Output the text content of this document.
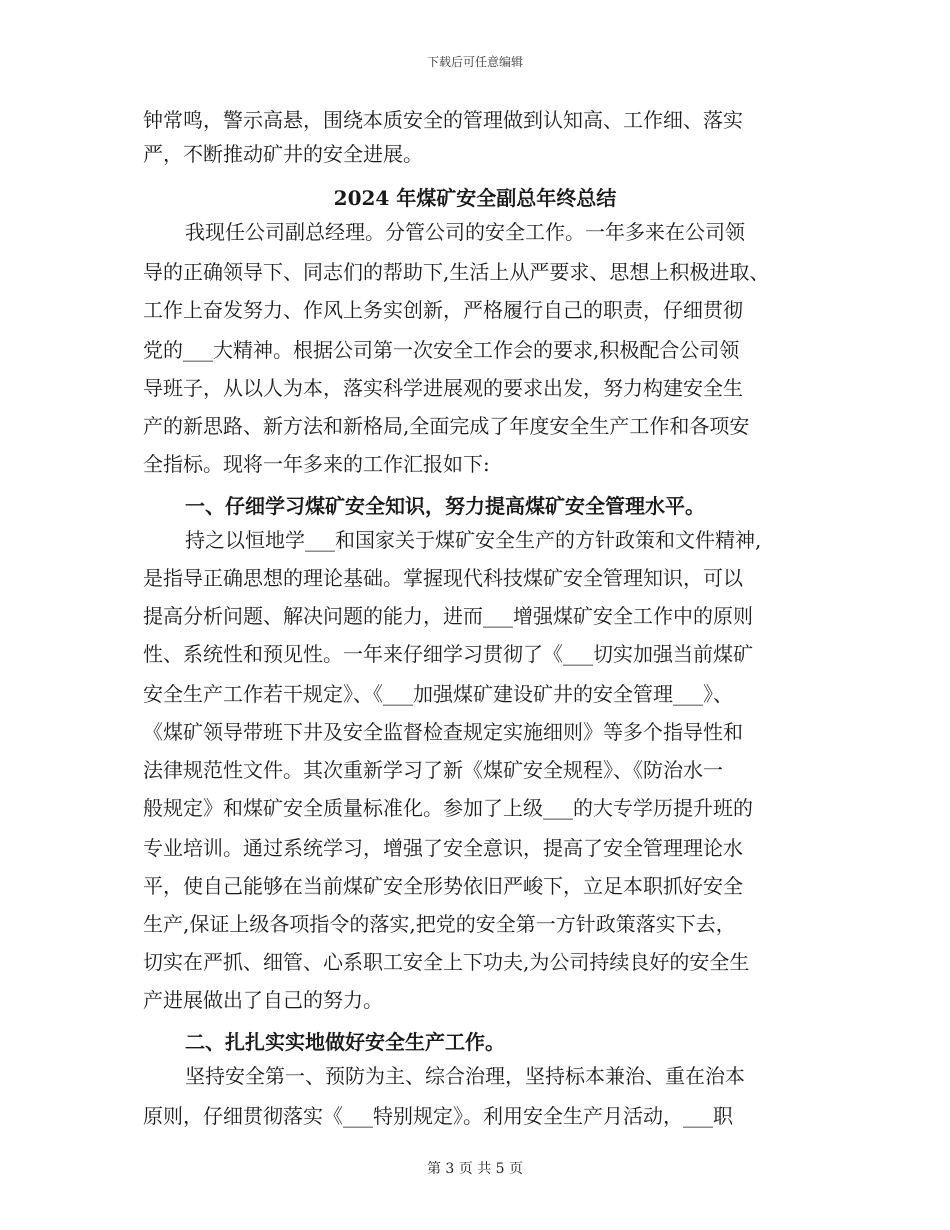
下载后可任意编辑
钟常鸣，警示高悬，围绕本质安全的管理做到认知高、工作细、落实
严，不断推动矿井的安全进展。
2024 年煤矿安全副总年终总结
我现任公司副总经理。分管公司的安全工作。一年多来在公司领
导的正确领导下、同志们的帮助下,生活上从严要求、思想上积极进取、
工作上奋发努力、作风上务实创新，严格履行自己的职责，仔细贯彻
党的___大精神。根据公司第一次安全工作会的要求,积极配合公司领
导班子，从以人为本，落实科学进展观的要求出发，努力构建安全生
产的新思路、新方法和新格局,全面完成了年度安全生产工作和各项安
全指标。现将一年多来的工作汇报如下:
一、仔细学习煤矿安全知识，努力提高煤矿安全管理水平。
持之以恒地学___和国家关于煤矿安全生产的方针政策和文件精神,
是指导正确思想的理论基础。掌握现代科技煤矿安全管理知识，可以
提高分析问题、解决问题的能力，进而___增强煤矿安全工作中的原则
性、系统性和预见性。一年来仔细学习贯彻了《___切实加强当前煤矿
安全生产工作若干规定》、《___加强煤矿建设矿井的安全管理___》、
《煤矿领导带班下井及安全监督检查规定实施细则》等多个指导性和
法律规范性文件。其次重新学习了新《煤矿安全规程》、《防治水一
般规定》和煤矿安全质量标准化。参加了上级___的大专学历提升班的
专业培训。通过系统学习，增强了安全意识，提高了安全管理理论水
平，使自己能够在当前煤矿安全形势依旧严峻下，立足本职抓好安全
生产,保证上级各项指令的落实,把党的安全第一方针政策落实下去，
切实在严抓、细管、心系职工安全上下功夫,为公司持续良好的安全生
产进展做出了自己的努力。
二、扎扎实实地做好安全生产工作。
坚持安全第一、预防为主、综合治理，坚持标本兼治、重在治本
原则，仔细贯彻落实《___特别规定》。利用安全生产月活动，___职
第 3 页 共 5 页
